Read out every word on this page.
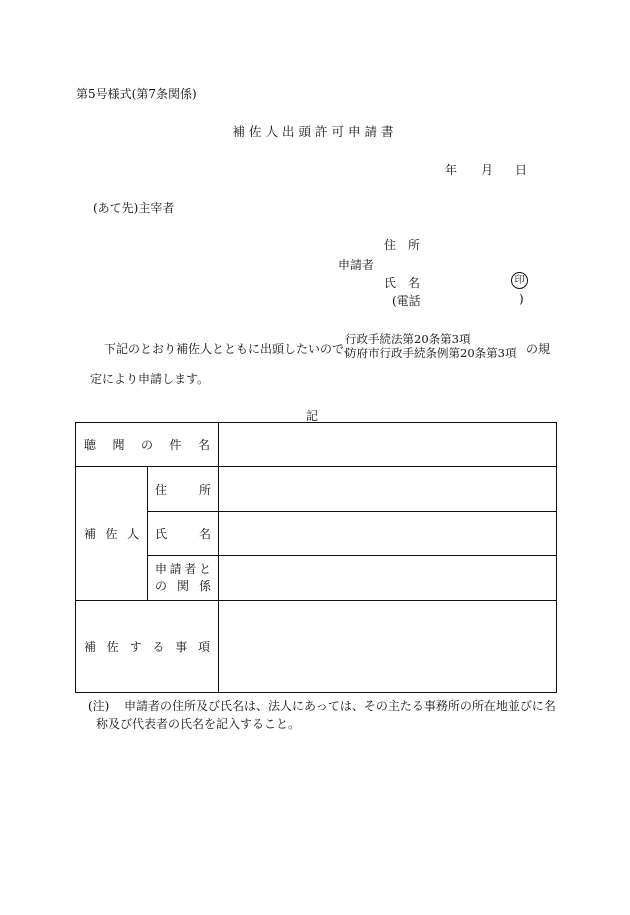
第5号様式(第7条関係)
補佐人出頭許可申請書
年 月 日
(あて先)主宰者
住　所
申請者
氏　名	印
(電話	)
下記のとおり補佐人とともに出頭したいので、
行政手続法第20条第3項
防府市行政手続条例第20条第3項 の規
定により申請します。
記
聴聞の件名		
補佐人	住所	
	氏名	

	申請者と
の関係	

補佐する事項		
(注) 申請者の住所及び氏名は、法人にあっては、その主たる事務所の所在地並びに名
称及び代表者の氏名を記入すること。
